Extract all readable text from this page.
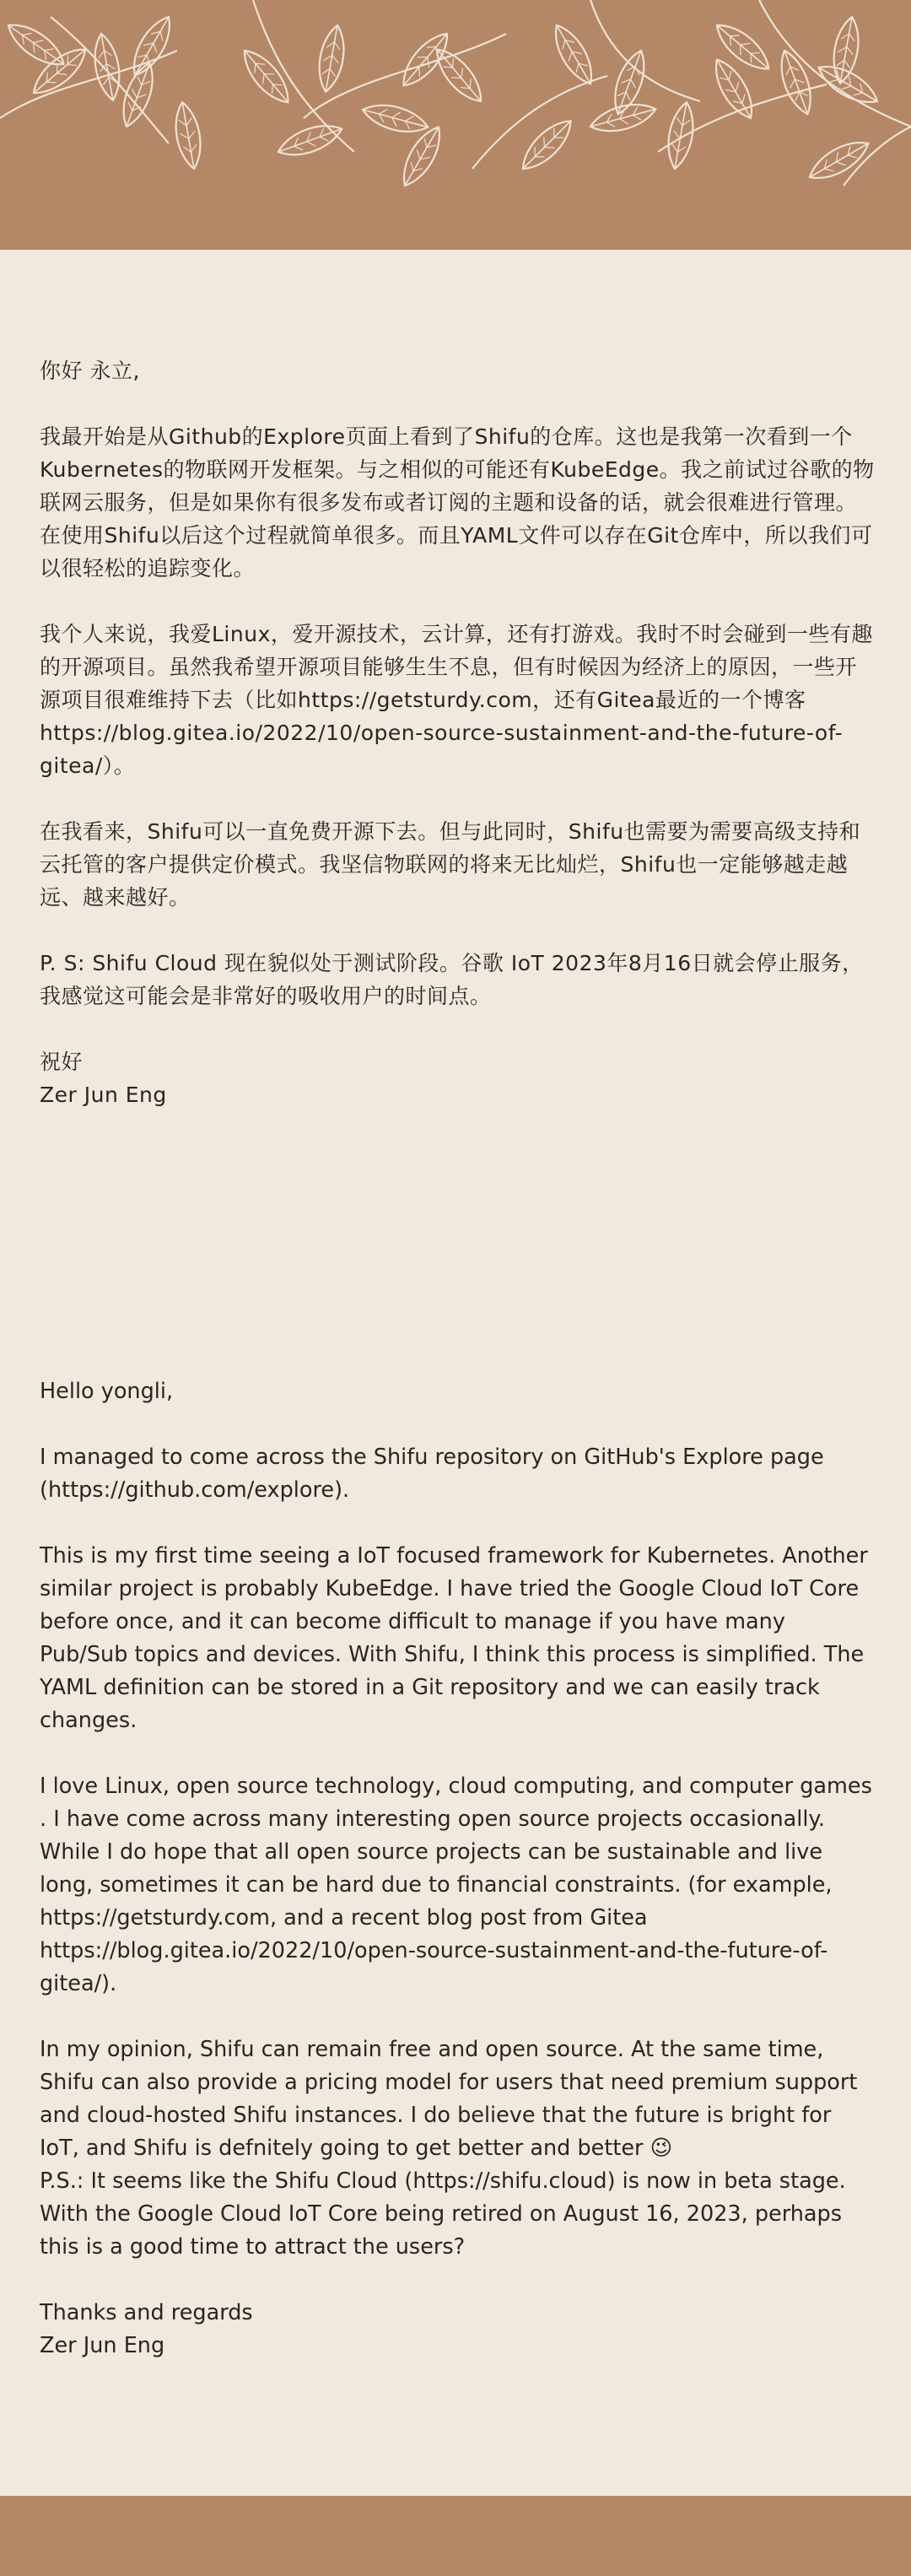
你好 永立,

我最开始是从Github的Explore页面上看到了Shifu的仓库。这也是我第一次看到一个Kubernetes的物联网开发框架。与之相似的可能还有KubeEdge。我之前试过谷歌的物联网云服务，但是如果你有很多发布或者订阅的主题和设备的话，就会很难进行管理。在使用Shifu以后这个过程就简单很多。而且YAML文件可以存在Git仓库中，所以我们可以很轻松的追踪变化。

我个人来说，我爱Linux，爱开源技术，云计算，还有打游戏。我时不时会碰到一些有趣的开源项目。虽然我希望开源项目能够生生不息，但有时候因为经济上的原因，一些开源项目很难维持下去（比如https://getsturdy.com，还有Gitea最近的一个博客 https://blog.gitea.io/2022/10/open-source-sustainment-and-the-future-of-gitea/）。

在我看来，Shifu可以一直免费开源下去。但与此同时，Shifu也需要为需要高级支持和云托管的客户提供定价模式。我坚信物联网的将来无比灿烂，Shifu也一定能够越走越远、越来越好。

P. S: Shifu Cloud 现在貌似处于测试阶段。谷歌 IoT 2023年8月16日就会停止服务，我感觉这可能会是非常好的吸收用户的时间点。

祝好

Zer Jun Eng

Hello yongli,

I managed to come across the Shifu repository on GitHub's Explore page (https://github.com/explore).

This is my first time seeing a IoT focused framework for Kubernetes. Another similar project is probably KubeEdge. I have tried the Google Cloud IoT Core before once, and it can become difficult to manage if you have many Pub/Sub topics and devices. With Shifu, I think this process is simplified. The YAML definition can be stored in a Git repository and we can easily track changes.

I love Linux, open source technology, cloud computing, and computer games . I have come across many interesting open source projects occasionally. While I do hope that all open source projects can be sustainable and live long, sometimes it can be hard due to financial constraints. (for example, https://getsturdy.com, and a recent blog post from Gitea https://blog.gitea.io/2022/10/open-source-sustainment-and-the-future-of-gitea/).

In my opinion, Shifu can remain free and open source. At the same time, Shifu can also provide a pricing model for users that need premium support and cloud-hosted Shifu instances. I do believe that the future is bright for IoT, and Shifu is defnitely going to get better and better 😉

P.S.: It seems like the Shifu Cloud (https://shifu.cloud) is now in beta stage. With the Google Cloud IoT Core being retired on August 16, 2023, perhaps this is a good time to attract the users?

Thanks and regards

Zer Jun Eng
